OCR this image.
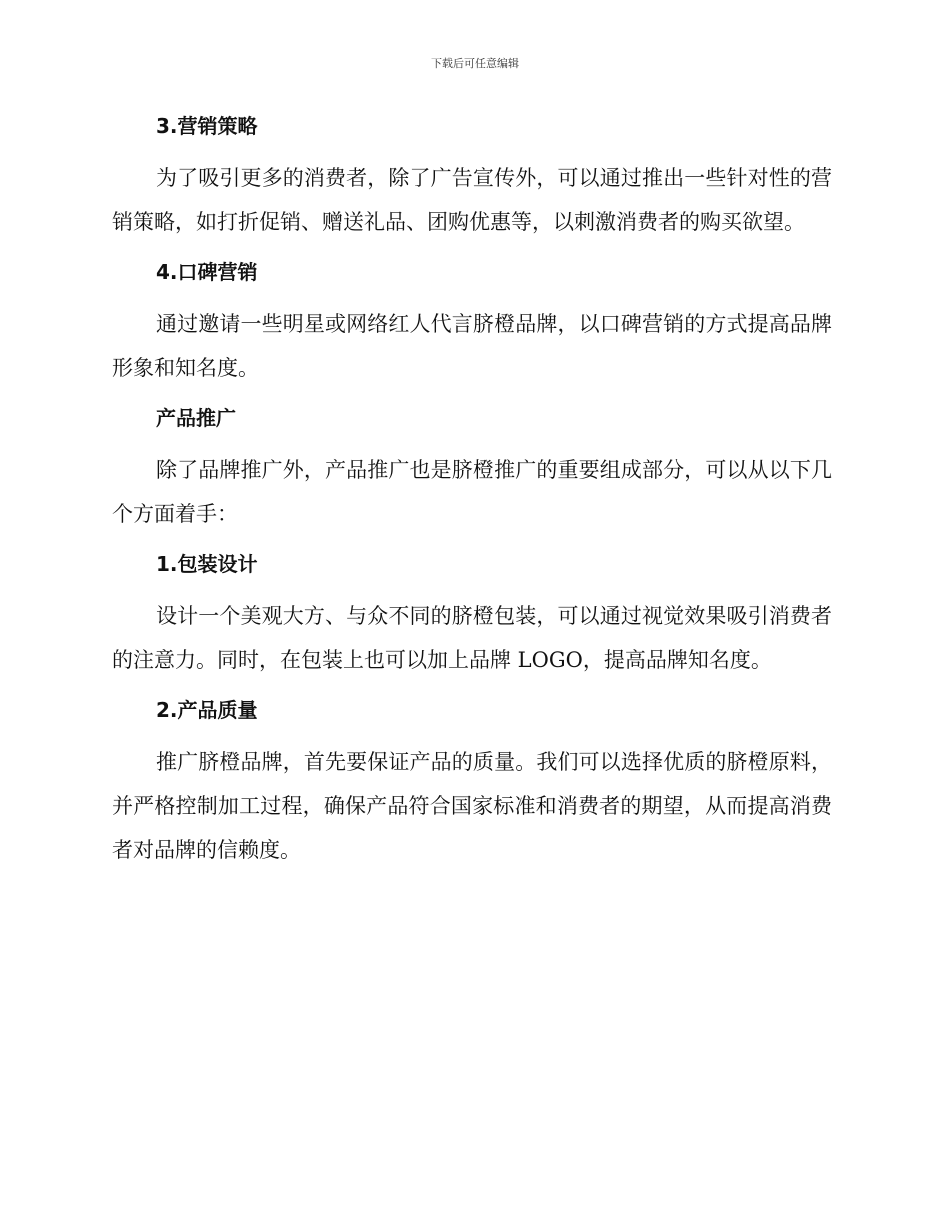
下载后可任意编辑
3.营销策略

为了吸引更多的消费者，除了广告宣传外，可以通过推出一些针对性的营销策略，如打折促销、赠送礼品、团购优惠等，以刺激消费者的购买欲望。

4.口碑营销

通过邀请一些明星或网络红人代言脐橙品牌，以口碑营销的方式提高品牌形象和知名度。

产品推广

除了品牌推广外，产品推广也是脐橙推广的重要组成部分，可以从以下几个方面着手：

1.包装设计

设计一个美观大方、与众不同的脐橙包装，可以通过视觉效果吸引消费者的注意力。同时，在包装上也可以加上品牌 LOGO，提高品牌知名度。

2.产品质量

推广脐橙品牌，首先要保证产品的质量。我们可以选择优质的脐橙原料，并严格控制加工过程，确保产品符合国家标准和消费者的期望，从而提高消费者对品牌的信赖度。
